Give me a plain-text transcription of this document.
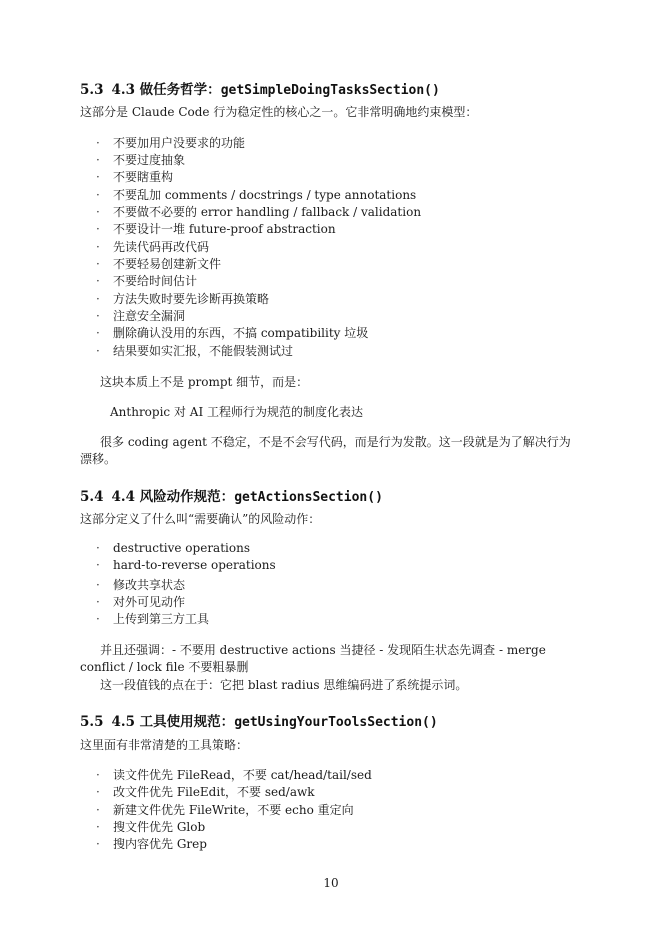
5.3 4.3 做任务哲学：getSimpleDoingTasksSection()
这部分是 Claude Code 行为稳定性的核心之一。它非常明确地约束模型：
· 不要加用户没要求的功能
· 不要过度抽象
· 不要瞎重构
· 不要乱加 comments / docstrings / type annotations
· 不要做不必要的 error handling / fallback / validation
· 不要设计一堆 future-proof abstraction
· 先读代码再改代码
· 不要轻易创建新文件
· 不要给时间估计
· 方法失败时要先诊断再换策略
· 注意安全漏洞
· 删除确认没用的东西，不搞 compatibility 垃圾
· 结果要如实汇报，不能假装测试过
这块本质上不是 prompt 细节，而是：
Anthropic 对 AI 工程师行为规范的制度化表达
很多 coding agent 不稳定，不是不会写代码，而是行为发散。这一段就是为了解决行为漂移。
5.4 4.4 风险动作规范：getActionsSection()
这部分定义了什么叫“需要确认”的风险动作：
· destructive operations
· hard-to-reverse operations
· 修改共享状态
· 对外可见动作
· 上传到第三方工具
并且还强调：- 不要用 destructive actions 当捷径 - 发现陌生状态先调查 - merge conflict / lock file 不要粗暴删
这一段值钱的点在于：它把 blast radius 思维编码进了系统提示词。
5.5 4.5 工具使用规范：getUsingYourToolsSection()
这里面有非常清楚的工具策略：
· 读文件优先 FileRead，不要 cat/head/tail/sed
· 改文件优先 FileEdit，不要 sed/awk
· 新建文件优先 FileWrite，不要 echo 重定向
· 搜文件优先 Glob
· 搜内容优先 Grep
10
